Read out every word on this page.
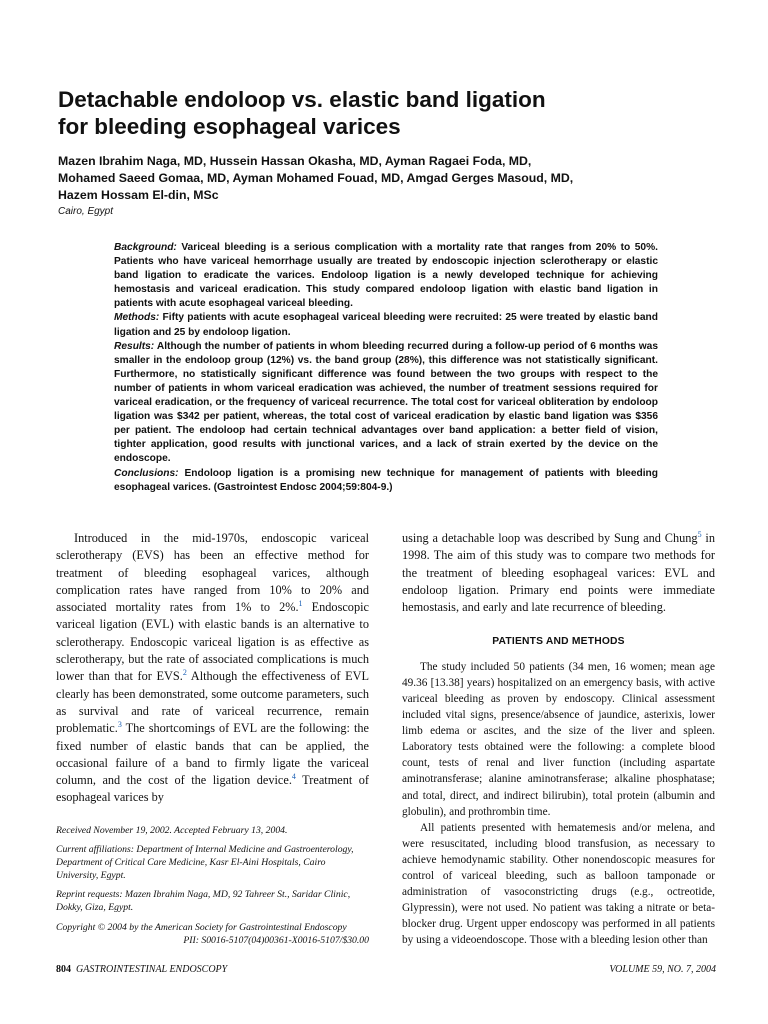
Detachable endoloop vs. elastic band ligation
for bleeding esophageal varices
Mazen Ibrahim Naga, MD, Hussein Hassan Okasha, MD, Ayman Ragaei Foda, MD,
Mohamed Saeed Gomaa, MD, Ayman Mohamed Fouad, MD, Amgad Gerges Masoud, MD,
Hazem Hossam El-din, MSc
Cairo, Egypt

Background: Variceal bleeding is a serious complication with a mortality rate that ranges from 20% to 50%. Patients who have variceal hemorrhage usually are treated by endoscopic injection sclerotherapy or elastic band ligation to eradicate the varices. Endoloop ligation is a newly developed technique for achieving hemostasis and variceal eradication. This study compared endoloop ligation with elastic band ligation in patients with acute esophageal variceal bleeding.

Methods: Fifty patients with acute esophageal variceal bleeding were recruited: 25 were treated by elastic band ligation and 25 by endoloop ligation.

Results: Although the number of patients in whom bleeding recurred during a follow-up period of 6 months was smaller in the endoloop group (12%) vs. the band group (28%), this difference was not statistically significant. Furthermore, no statistically significant difference was found between the two groups with respect to the number of patients in whom variceal eradication was achieved, the number of treatment sessions required for variceal eradication, or the frequency of variceal recurrence. The total cost for variceal obliteration by endoloop ligation was $342 per patient, whereas, the total cost of variceal eradication by elastic band ligation was $356 per patient. The endoloop had certain technical advantages over band application: a better field of vision, tighter application, good results with junctional varices, and a lack of strain exerted by the device on the endoscope.

Conclusions: Endoloop ligation is a promising new technique for management of patients with bleeding esophageal varices. (Gastrointest Endosc 2004;59:804-9.)

Introduced in the mid-1970s, endoscopic variceal sclerotherapy (EVS) has been an effective method for treatment of bleeding esophageal varices, although complication rates have ranged from 10% to 20% and associated mortality rates from 1% to 2%.$^1$ Endoscopic variceal ligation (EVL) with elastic bands is an alternative to sclerotherapy. Endoscopic variceal ligation is as effective as sclerotherapy, but the rate of associated complications is much lower than that for EVS.$^2$ Although the effectiveness of EVL clearly has been demonstrated, some outcome parameters, such as survival and rate of variceal recurrence, remain problematic.$^3$ The shortcomings of EVL are the following: the fixed number of elastic bands that can be applied, the occasional failure of a band to firmly ligate the variceal column, and the cost of the ligation device.$^4$ Treatment of esophageal varices by

Received November 19, 2002. Accepted February 13, 2004.

Current affiliations: Department of Internal Medicine and Gastroenterology, Department of Critical Care Medicine, Kasr El-Aini Hospitals, Cairo University, Egypt.

Reprint requests: Mazen Ibrahim Naga, MD, 92 Tahreer St., Saridar Clinic, Dokky, Giza, Egypt.

Copyright © 2004 by the American Society for Gastrointestinal Endoscopy
0016-5107/$30.00

PII: S0016-5107(04)00361-X

using a detachable loop was described by Sung and Chung$^5$ in 1998. The aim of this study was to compare two methods for the treatment of bleeding esophageal varices: EVL and endoloop ligation. Primary end points were immediate hemostasis, and early and late recurrence of bleeding.

PATIENTS AND METHODS

The study included 50 patients (34 men, 16 women; mean age 49.36 [13.38] years) hospitalized on an emergency basis, with active variceal bleeding as proven by endoscopy. Clinical assessment included vital signs, presence/absence of jaundice, asterixis, lower limb edema or ascites, and the size of the liver and spleen. Laboratory tests obtained were the following: a complete blood count, tests of renal and liver function (including aspartate aminotransferase; alanine aminotransferase; alkaline phosphatase; and total, direct, and indirect bilirubin), total protein (albumin and globulin), and prothrombin time.

All patients presented with hematemesis and/or melena, and were resuscitated, including blood transfusion, as necessary to achieve hemodynamic stability. Other nonendoscopic measures for control of variceal bleeding, such as balloon tamponade or administration of vasoconstricting drugs (e.g., octreotide, Glypressin), were not used. No patient was taking a nitrate or beta-blocker drug. Urgent upper endoscopy was performed in all patients by using a videoendoscope. Those with a bleeding lesion other than

804 GASTROINTESTINAL ENDOSCOPY	VOLUME 59, NO. 7, 2004
